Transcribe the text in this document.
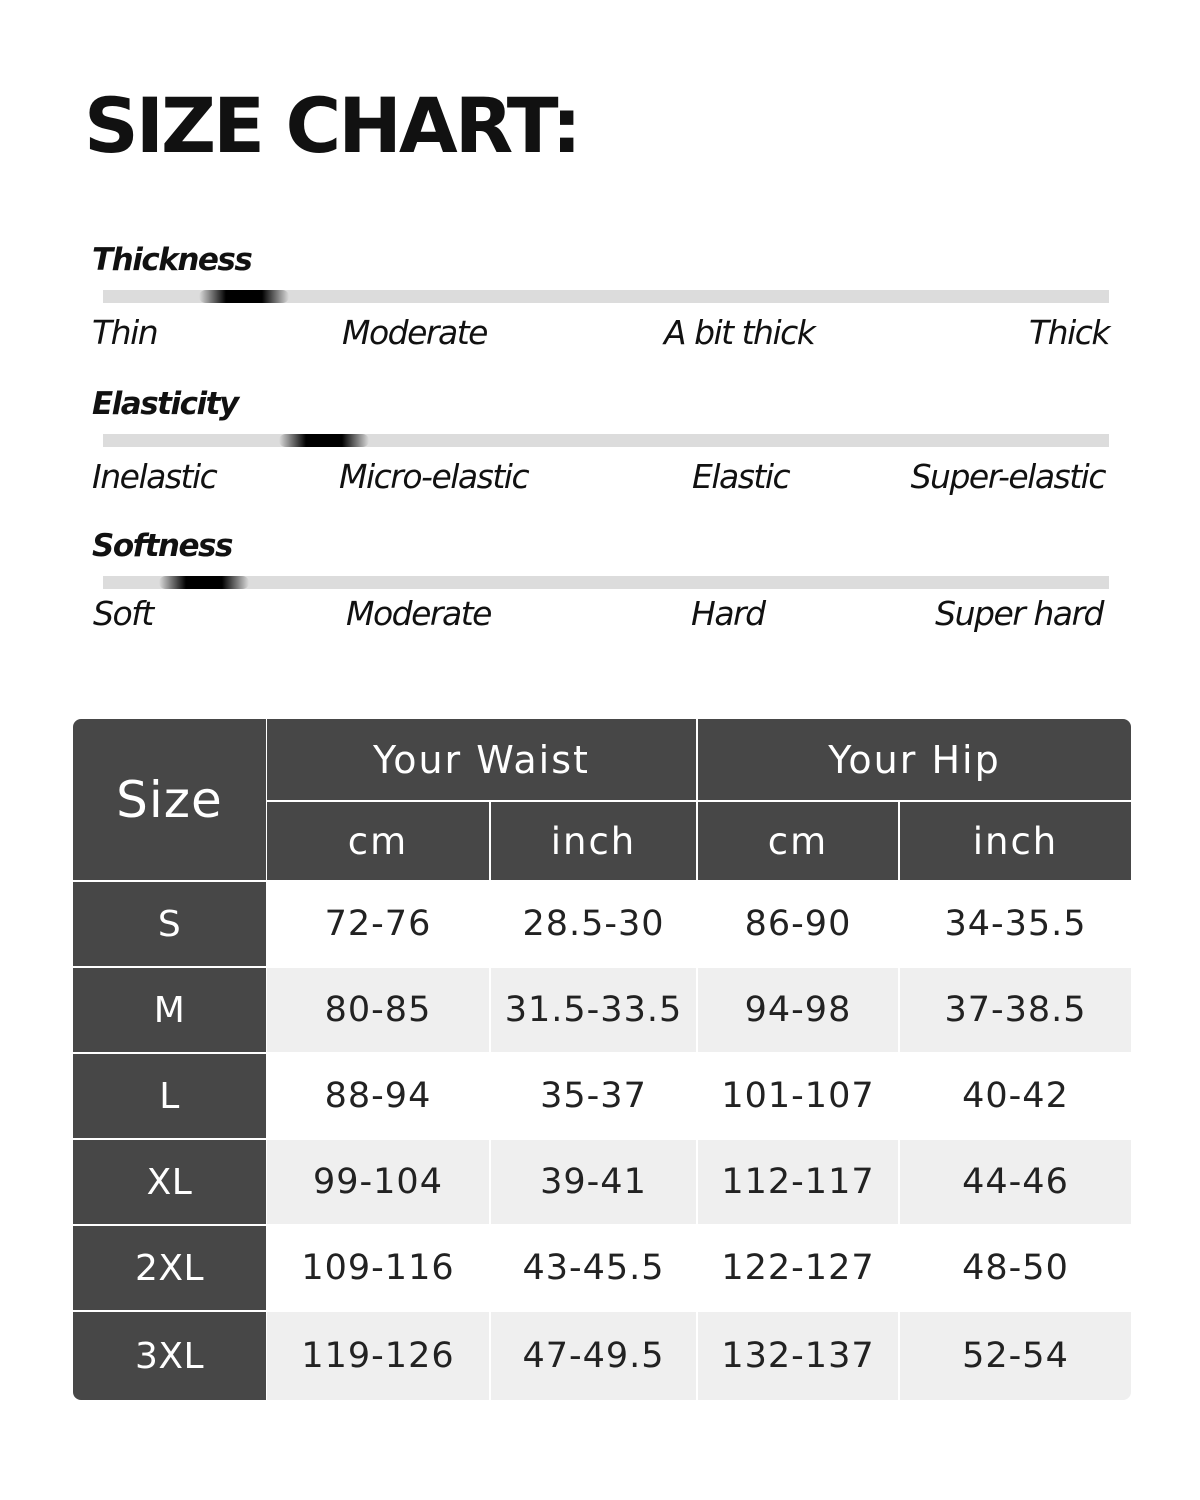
SIZE CHART:
Thickness
Thin	Moderate	A bit thick	Thick
Elasticity
Inelastic	Micro-elastic	Elastic	Super-elastic
Softness
Soft	Moderate	Hard	Super hard
Size
Your Waist	Your Hip
cm	inch	cm	inch
S	72-76	28.5-30	86-90	34-35.5
M	80-85	31.5-33.5	94-98	37-38.5
L	88-94	35-37	101-107	40-42
XL	99-104	39-41	112-117	44-46
2XL	109-116	43-45.5	122-127	48-50
3XL	119-126	47-49.5	132-137	52-54
